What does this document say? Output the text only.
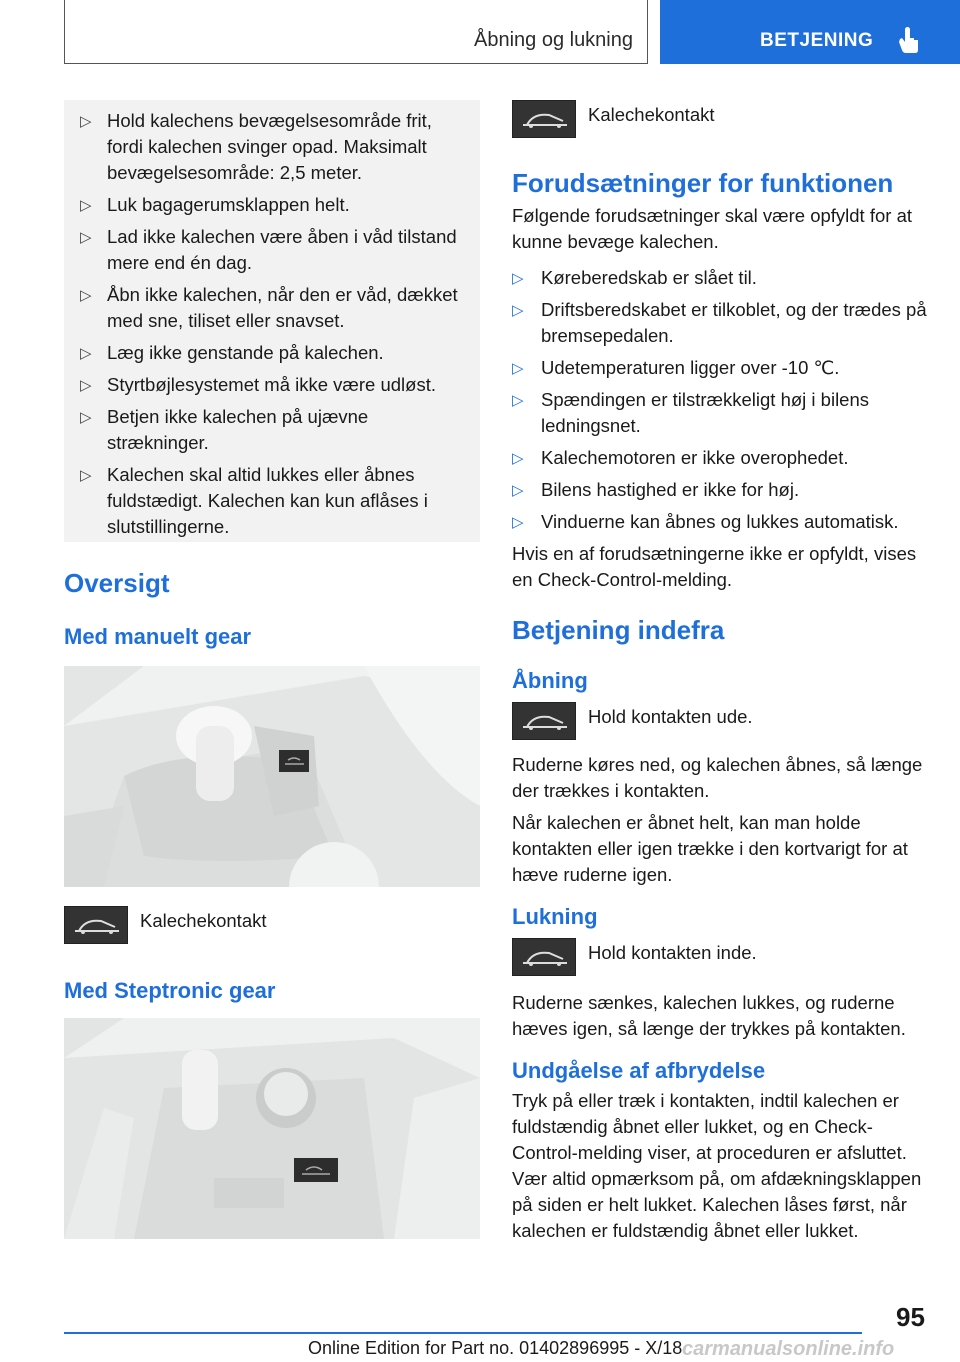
Åbning og lukning	BETJENING
▷ Hold kalechens bevægelsesområde frit, fordi kalechen svinger opad. Maksimalt bevægelsesområde: 2,5 meter.
▷ Luk bagagerumsklappen helt.
▷ Lad ikke kalechen være åben i våd tilstand mere end én dag.
▷ Åbn ikke kalechen, når den er våd, dækket med sne, tiliset eller snavset.
▷ Læg ikke genstande på kalechen.
▷ Styrtbøjlesystemet må ikke være udløst.
▷ Betjen ikke kalechen på ujævne strækninger.
▷ Kalechen skal altid lukkes eller åbnes fuldstædigt. Kalechen kan kun aflåses i slutstillingerne.
Oversigt
Med manuelt gear
Kalechekontakt
Med Steptronic gear
Kalechekontakt
Forudsætninger for funktionen

Følgende forudsætninger skal være opfyldt for at kunne bevæge kalechen.

▷ Køreberedskab er slået til.
▷ Driftsberedskabet er tilkoblet, og der trædes på bremsepedalen.
▷ Udetemperaturen ligger over -10 ℃.
▷ Spændingen er tilstrækkeligt høj i bilens ledningsnet.
▷ Kalechemotoren er ikke overophedet.
▷ Bilens hastighed er ikke for høj.
▷ Vinduerne kan åbnes og lukkes automatisk.

Hvis en af forudsætningerne ikke er opfyldt, vises en Check-Control-melding.

Betjening indefra
Åbning
Hold kontakten ude.

Ruderne køres ned, og kalechen åbnes, så længe der trækkes i kontakten.

Når kalechen er åbnet helt, kan man holde kontakten eller igen trække i den kortvarigt for at hæve ruderne igen.

Lukning
Hold kontakten inde.

Ruderne sænkes, kalechen lukkes, og ruderne hæves igen, så længe der trykkes på kontakten.

Undgåelse af afbrydelse

Tryk på eller træk i kontakten, indtil kalechen er fuldstændig åbnet eller lukket, og en Check-Control-melding viser, at proceduren er afsluttet. Vær altid opmærksom på, om afdækningsklappen på siden er helt lukket. Kalechen låses først, når kalechen er fuldstændig åbnet eller lukket.

95
Online Edition for Part no. 01402896995 - X/18 carmanualsonline.info
